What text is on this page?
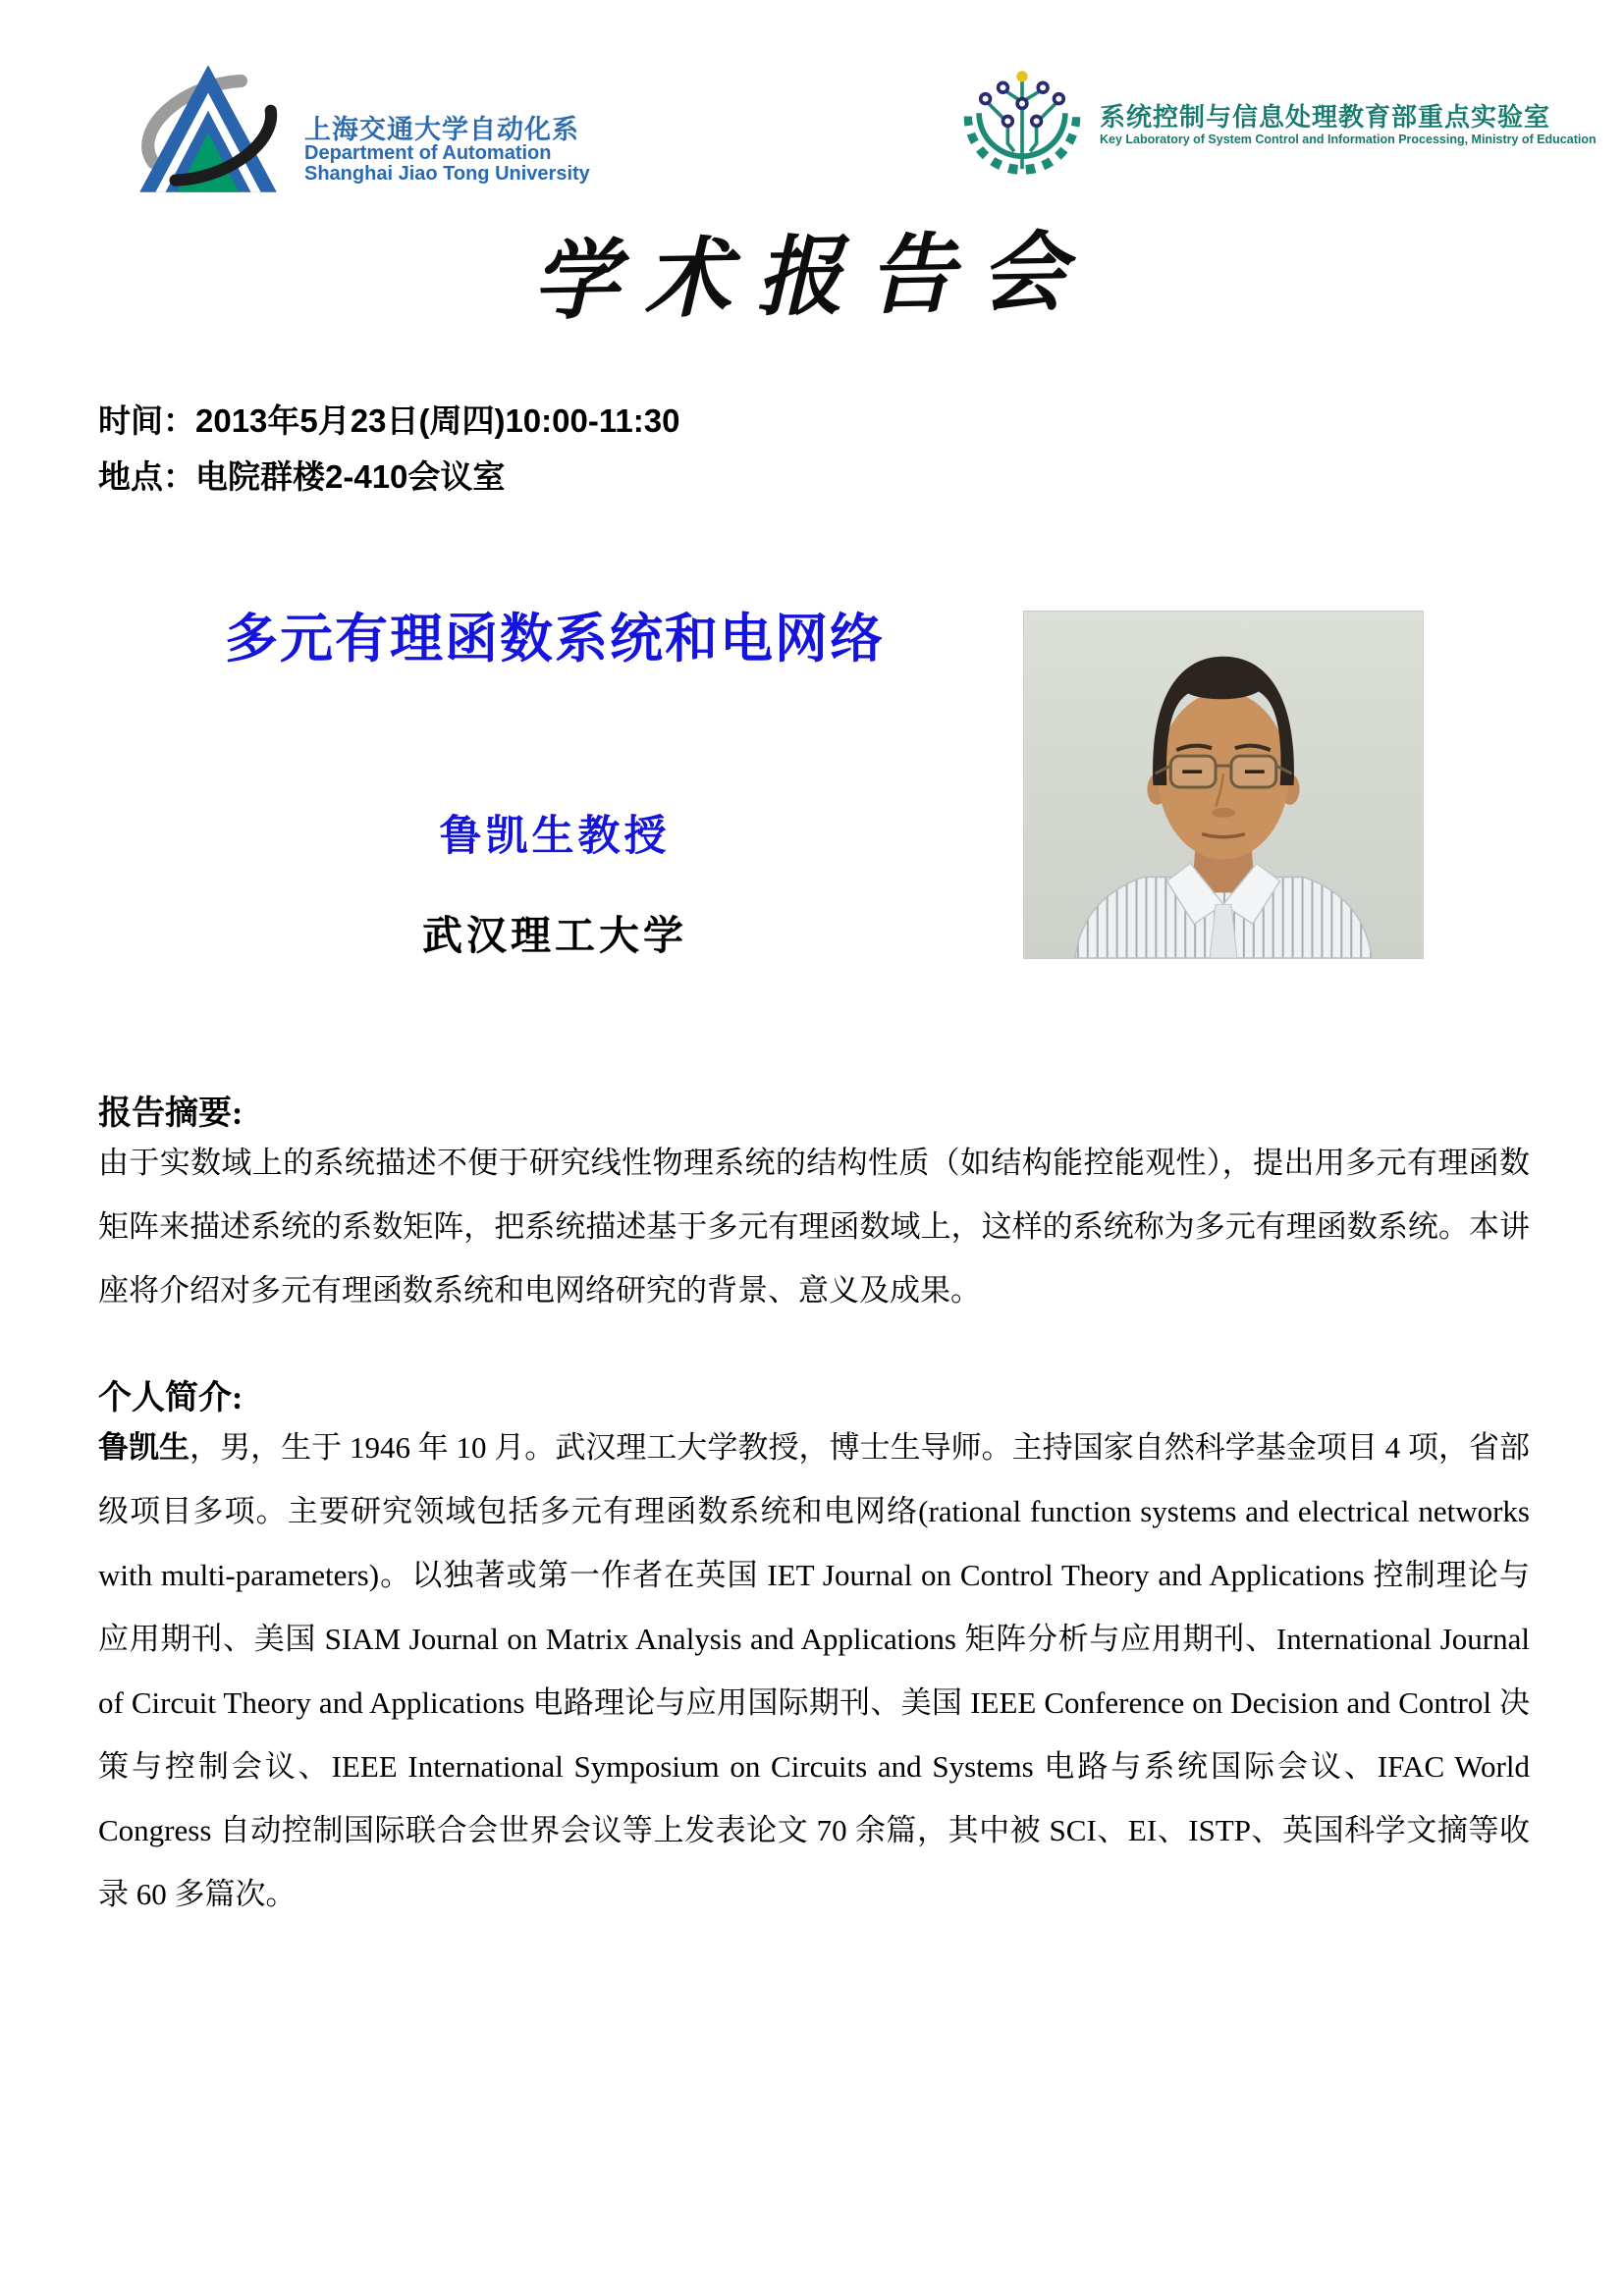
上海交通大学自动化系
Department of Automation
Shanghai Jiao Tong University
系统控制与信息处理教育部重点实验室
Key Laboratory of System Control and Information Processing, Ministry of Education
学术报告会
时间：2013年5月23日(周四)10:00-11:30
地点：电院群楼2-410会议室
多元有理函数系统和电网络
鲁凯生教授
武汉理工大学
报告摘要:
由于实数域上的系统描述不便于研究线性物理系统的结构性质（如结构能控能观性），提出用多元有理函数矩阵来描述系统的系数矩阵，把系统描述基于多元有理函数域上，这样的系统称为多元有理函数系统。本讲座将介绍对多元有理函数系统和电网络研究的背景、意义及成果。
个人简介:
鲁凯生，男，生于 1946 年 10 月。武汉理工大学教授，博士生导师。主持国家自然科学基金项目 4 项，省部级项目多项。主要研究领域包括多元有理函数系统和电网络(rational function systems and electrical networks with multi-parameters)。以独著或第一作者在英国 IET Journal on Control Theory and Applications 控制理论与应用期刊、美国 SIAM Journal on Matrix Analysis and Applications 矩阵分析与应用期刊、International Journal of Circuit Theory and Applications 电路理论与应用国际期刊、美国 IEEE Conference on Decision and Control 决策与控制会议、IEEE International Symposium on Circuits and Systems 电路与系统国际会议、IFAC World Congress 自动控制国际联合会世界会议等上发表论文 70 余篇，其中被 SCI、EI、ISTP、英国科学文摘等收录 60 多篇次。
